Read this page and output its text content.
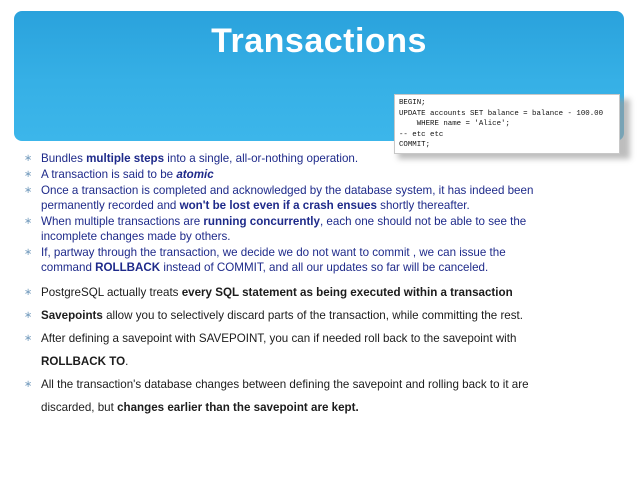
Transactions
BEGIN;
UPDATE accounts SET balance = balance - 100.00
WHERE name = 'Alice';
-- etc etc
COMMIT;
∗ Bundles multiple steps into a single, all-or-nothing operation.
∗ A transaction is said to be atomic
∗ Once a transaction is completed and acknowledged by the database system, it has indeed been permanently recorded and won't be lost even if a crash ensues shortly thereafter.
∗ When multiple transactions are running concurrently, each one should not be able to see the incomplete changes made by others.
∗ If, partway through the transaction, we decide we do not want to commit , we can issue the command ROLLBACK instead of COMMIT, and all our updates so far will be canceled.
∗ PostgreSQL actually treats every SQL statement as being executed within a transaction
∗ Savepoints allow you to selectively discard parts of the transaction, while committing the rest.
∗ After defining a savepoint with SAVEPOINT, you can if needed roll back to the savepoint with ROLLBACK TO.
∗ All the transaction's database changes between defining the savepoint and rolling back to it are discarded, but changes earlier than the savepoint are kept.
